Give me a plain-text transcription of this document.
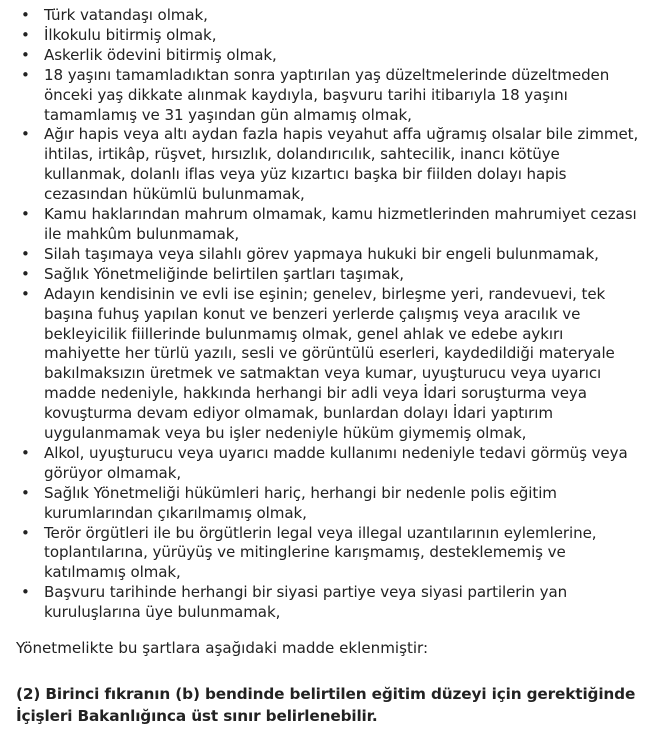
• Türk vatandaşı olmak,
• İlkokulu bitirmiş olmak,
• Askerlik ödevini bitirmiş olmak,
• 18 yaşını tamamladıktan sonra yaptırılan yaş düzeltmelerinde düzeltmeden önceki yaş dikkate alınmak kaydıyla, başvuru tarihi itibarıyla 18 yaşını tamamlamış ve 31 yaşından gün almamış olmak,
• Ağır hapis veya altı aydan fazla hapis veyahut affa uğramış olsalar bile zimmet, ihtilas, irtikâp, rüşvet, hırsızlık, dolandırıcılık, sahtecilik, inancı kötüye kullanmak, dolanlı iflas veya yüz kızartıcı başka bir fiilden dolayı hapis cezasından hükümlü bulunmamak,
• Kamu haklarından mahrum olmamak, kamu hizmetlerinden mahrumiyet cezası ile mahkûm bulunmamak,
• Silah taşımaya veya silahlı görev yapmaya hukuki bir engeli bulunmamak,
• Sağlık Yönetmeliğinde belirtilen şartları taşımak,
• Adayın kendisinin ve evli ise eşinin; genelev, birleşme yeri, randevuevi, tek başına fuhuş yapılan konut ve benzeri yerlerde çalışmış veya aracılık ve bekleyicilik fiillerinde bulunmamış olmak, genel ahlak ve edebe aykırı mahiyette her türlü yazılı, sesli ve görüntülü eserleri, kaydedildiği materyale bakılmaksızın üretmek ve satmaktan veya kumar, uyuşturucu veya uyarıcı madde nedeniyle, hakkında herhangi bir adli veya İdari soruşturma veya kovuşturma devam ediyor olmamak, bunlardan dolayı İdari yaptırım uygulanmamak veya bu işler nedeniyle hüküm giymemiş olmak,
• Alkol, uyuşturucu veya uyarıcı madde kullanımı nedeniyle tedavi görmüş veya görüyor olmamak,
• Sağlık Yönetmeliği hükümleri hariç, herhangi bir nedenle polis eğitim kurumlarından çıkarılmamış olmak,
• Terör örgütleri ile bu örgütlerin legal veya illegal uzantılarının eylemlerine, toplantılarına, yürüyüş ve mitinglerine karışmamış, desteklememiş ve katılmamış olmak,
• Başvuru tarihinde herhangi bir siyasi partiye veya siyasi partilerin yan kuruluşlarına üye bulunmamak,

Yönetmelikte bu şartlara aşağıdaki madde eklenmiştir:

(2) Birinci fıkranın (b) bendinde belirtilen eğitim düzeyi için gerektiğinde İçişleri Bakanlığınca üst sınır belirlenebilir.
